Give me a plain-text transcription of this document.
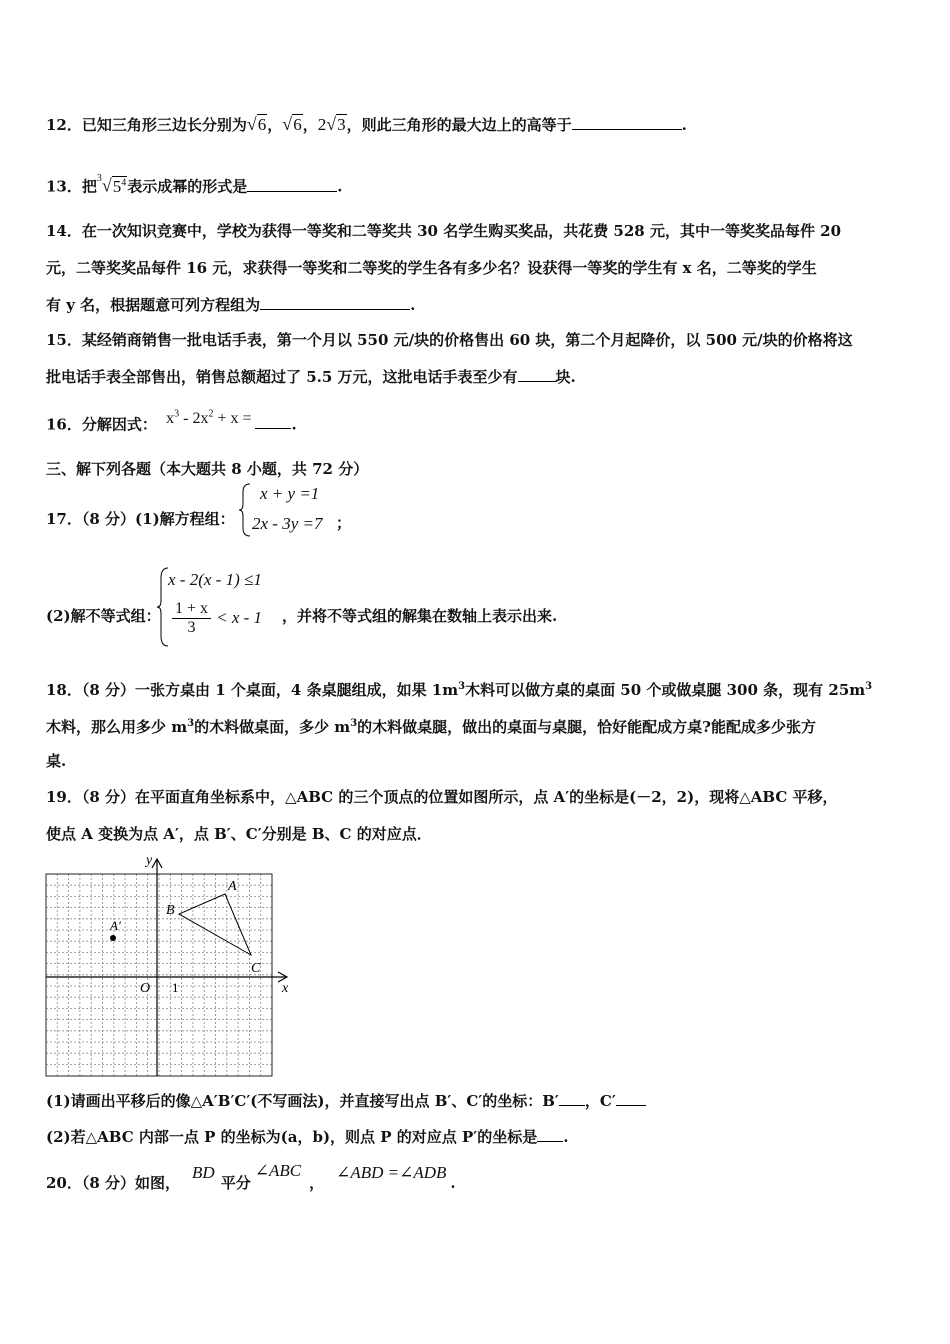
12．已知三角形三边长分别为√6，√6，2√3，则此三角形的最大边上的高等于	.
13．把$^3√5^4$表示成幂的形式是	.
14．在一次知识竞赛中，学校为获得一等奖和二等奖共 30 名学生购买奖品，共花费 528 元，其中一等奖奖品每件 20
元，二等奖奖品每件 16 元，求获得一等奖和二等奖的学生各有多少名？设获得一等奖的学生有 x 名，二等奖的学生
有 y 名，根据题意可列方程组为	.
15．某经销商销售一批电话手表，第一个月以 550 元/块的价格售出 60 块，第二个月起降价，以 500 元/块的价格将这
批电话手表全部售出，销售总额超过了 5.5 万元，这批电话手表至少有	块.
16．分解因式： $x^3 - 2x^2 + x$ = .
三、解下列各题（本大题共 8 小题，共 72 分）
17．（8 分）(1)解方程组：
x + y =1
2x - 3y =7 ；
x - 2(x - 1) ≤1
$\frac{1 + x}{3} < x - 1$
(2)解不等式组：	，并将不等式组的解集在数轴上表示出来.
18．（8 分）一张方桌由 1 个桌面，4 条桌腿组成，如果 $1m^3$木料可以做方桌的桌面 50 个或做桌腿 300 条，现有 $25m^3$
木料，那么用多少 $m^3$的木料做桌面，多少 $m^3$的木料做桌腿，做出的桌面与桌腿，恰好能配成方桌?能配成多少张方
桌.
19．（8 分）在平面直角坐标系中，△ABC 的三个顶点的位置如图所示，点 A′的坐标是(－2，2)，现将△ABC 平移，
使点 A 变换为点 A′，点 B′、C′分别是 B、C 的对应点．
y
x
O 1
A
B
C
A′
(1)请画出平移后的像△A′B′C′(不写画法)，并直接写出点 B′、C′的坐标：B′ ，C′
(2)若△ABC 内部一点 P 的坐标为(a，b)，则点 P 的对应点 P′的坐标是 .
20．（8 分）如图，BD平分∠ABC，∠ABD =∠ADB.
